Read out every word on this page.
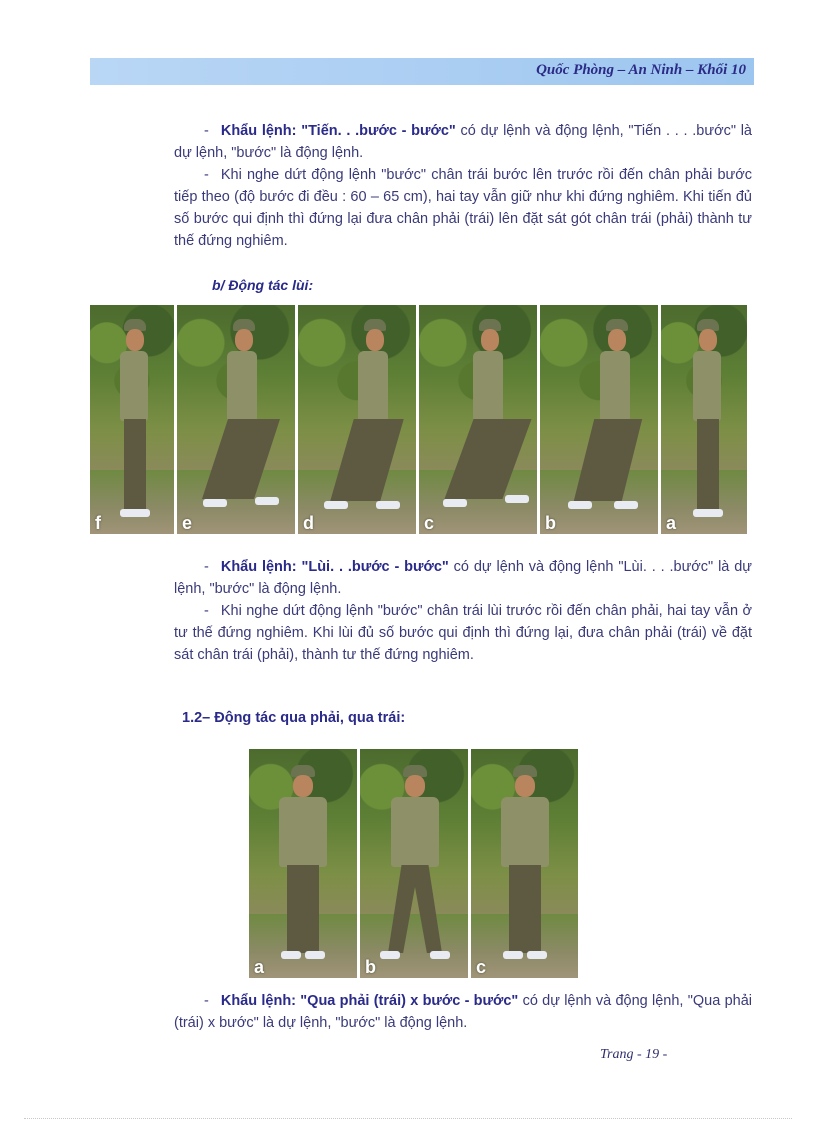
Quốc Phòng – An Ninh – Khối 10
- Khẩu lệnh: "Tiến. . .bước - bước" có dự lệnh và động lệnh, "Tiến . . . .bước" là dự lệnh, "bước" là động lệnh.
- Khi nghe dứt động lệnh "bước" chân trái bước lên trước rồi đến chân phải bước tiếp theo (độ bước đi đều : 60 – 65 cm), hai tay vẫn giữ như khi đứng nghiêm. Khi tiến đủ số bước qui định thì đứng lại đưa chân phải (trái) lên đặt sát gót chân trái (phải) thành tư thế đứng nghiêm.
b/ Động tác lùi:
f	e	d	c	b	a
- Khẩu lệnh: "Lùi. . .bước - bước" có dự lệnh và động lệnh "Lùi. . . .bước" là dự lệnh, "bước" là động lệnh.
- Khi nghe dứt động lệnh "bước" chân trái lùi trước rồi đến chân phải, hai tay vẫn ở tư thế đứng nghiêm. Khi lùi đủ số bước qui định thì đứng lại, đưa chân phải (trái) về đặt sát chân trái (phải), thành tư thế đứng nghiêm.
1.2– Động tác qua phải, qua trái:
a	b	c
- Khẩu lệnh: "Qua phải (trái) x bước - bước" có dự lệnh và động lệnh, "Qua phải (trái) x bước" là dự lệnh, "bước" là động lệnh.
Trang - 19 -
